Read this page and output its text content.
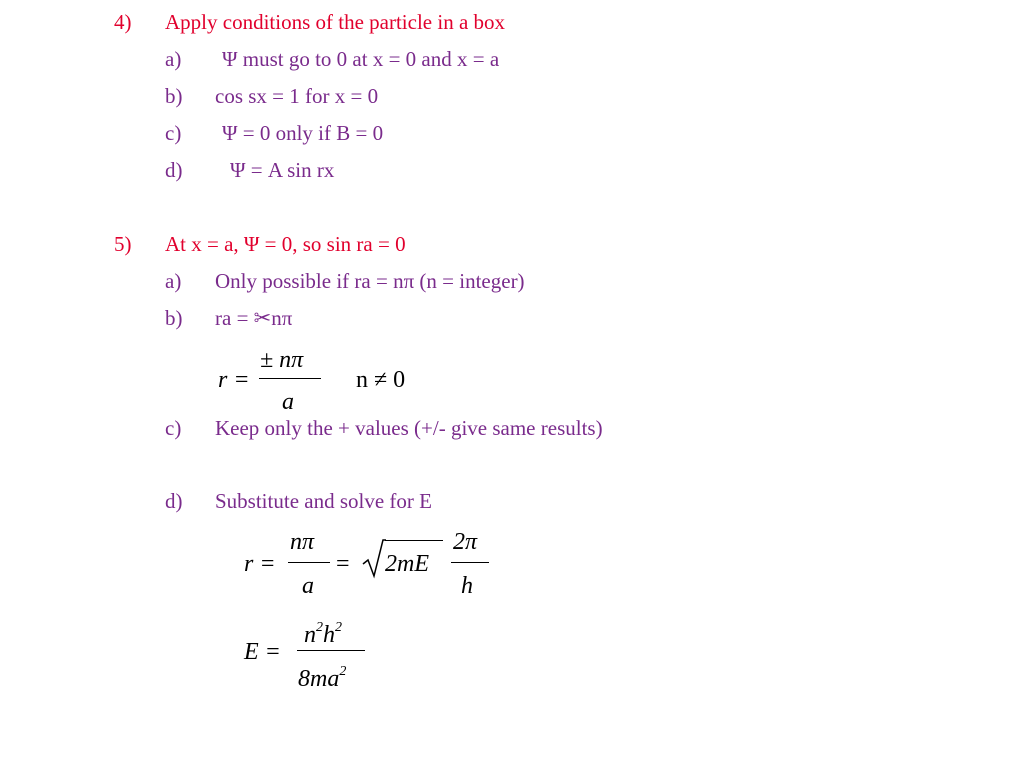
4) Apply conditions of the particle in a box
a) Ψ must go to 0 at x = 0 and x = a
b) cos sx = 1 for x = 0
c) Ψ = 0 only if B = 0
d) Ψ = A sin rx
5) At x = a, Ψ = 0, so sin ra = 0
a) Only possible if ra = nπ (n = integer)
b) ra = ✂nπ
r =
± nπ
a
n ≠ 0
c) Keep only the + values (+/- give same results)
d) Substitute and solve for E
r =
nπ
a
= 2mE
2π
h
E =
$n^2h^2$
$8ma^2$
